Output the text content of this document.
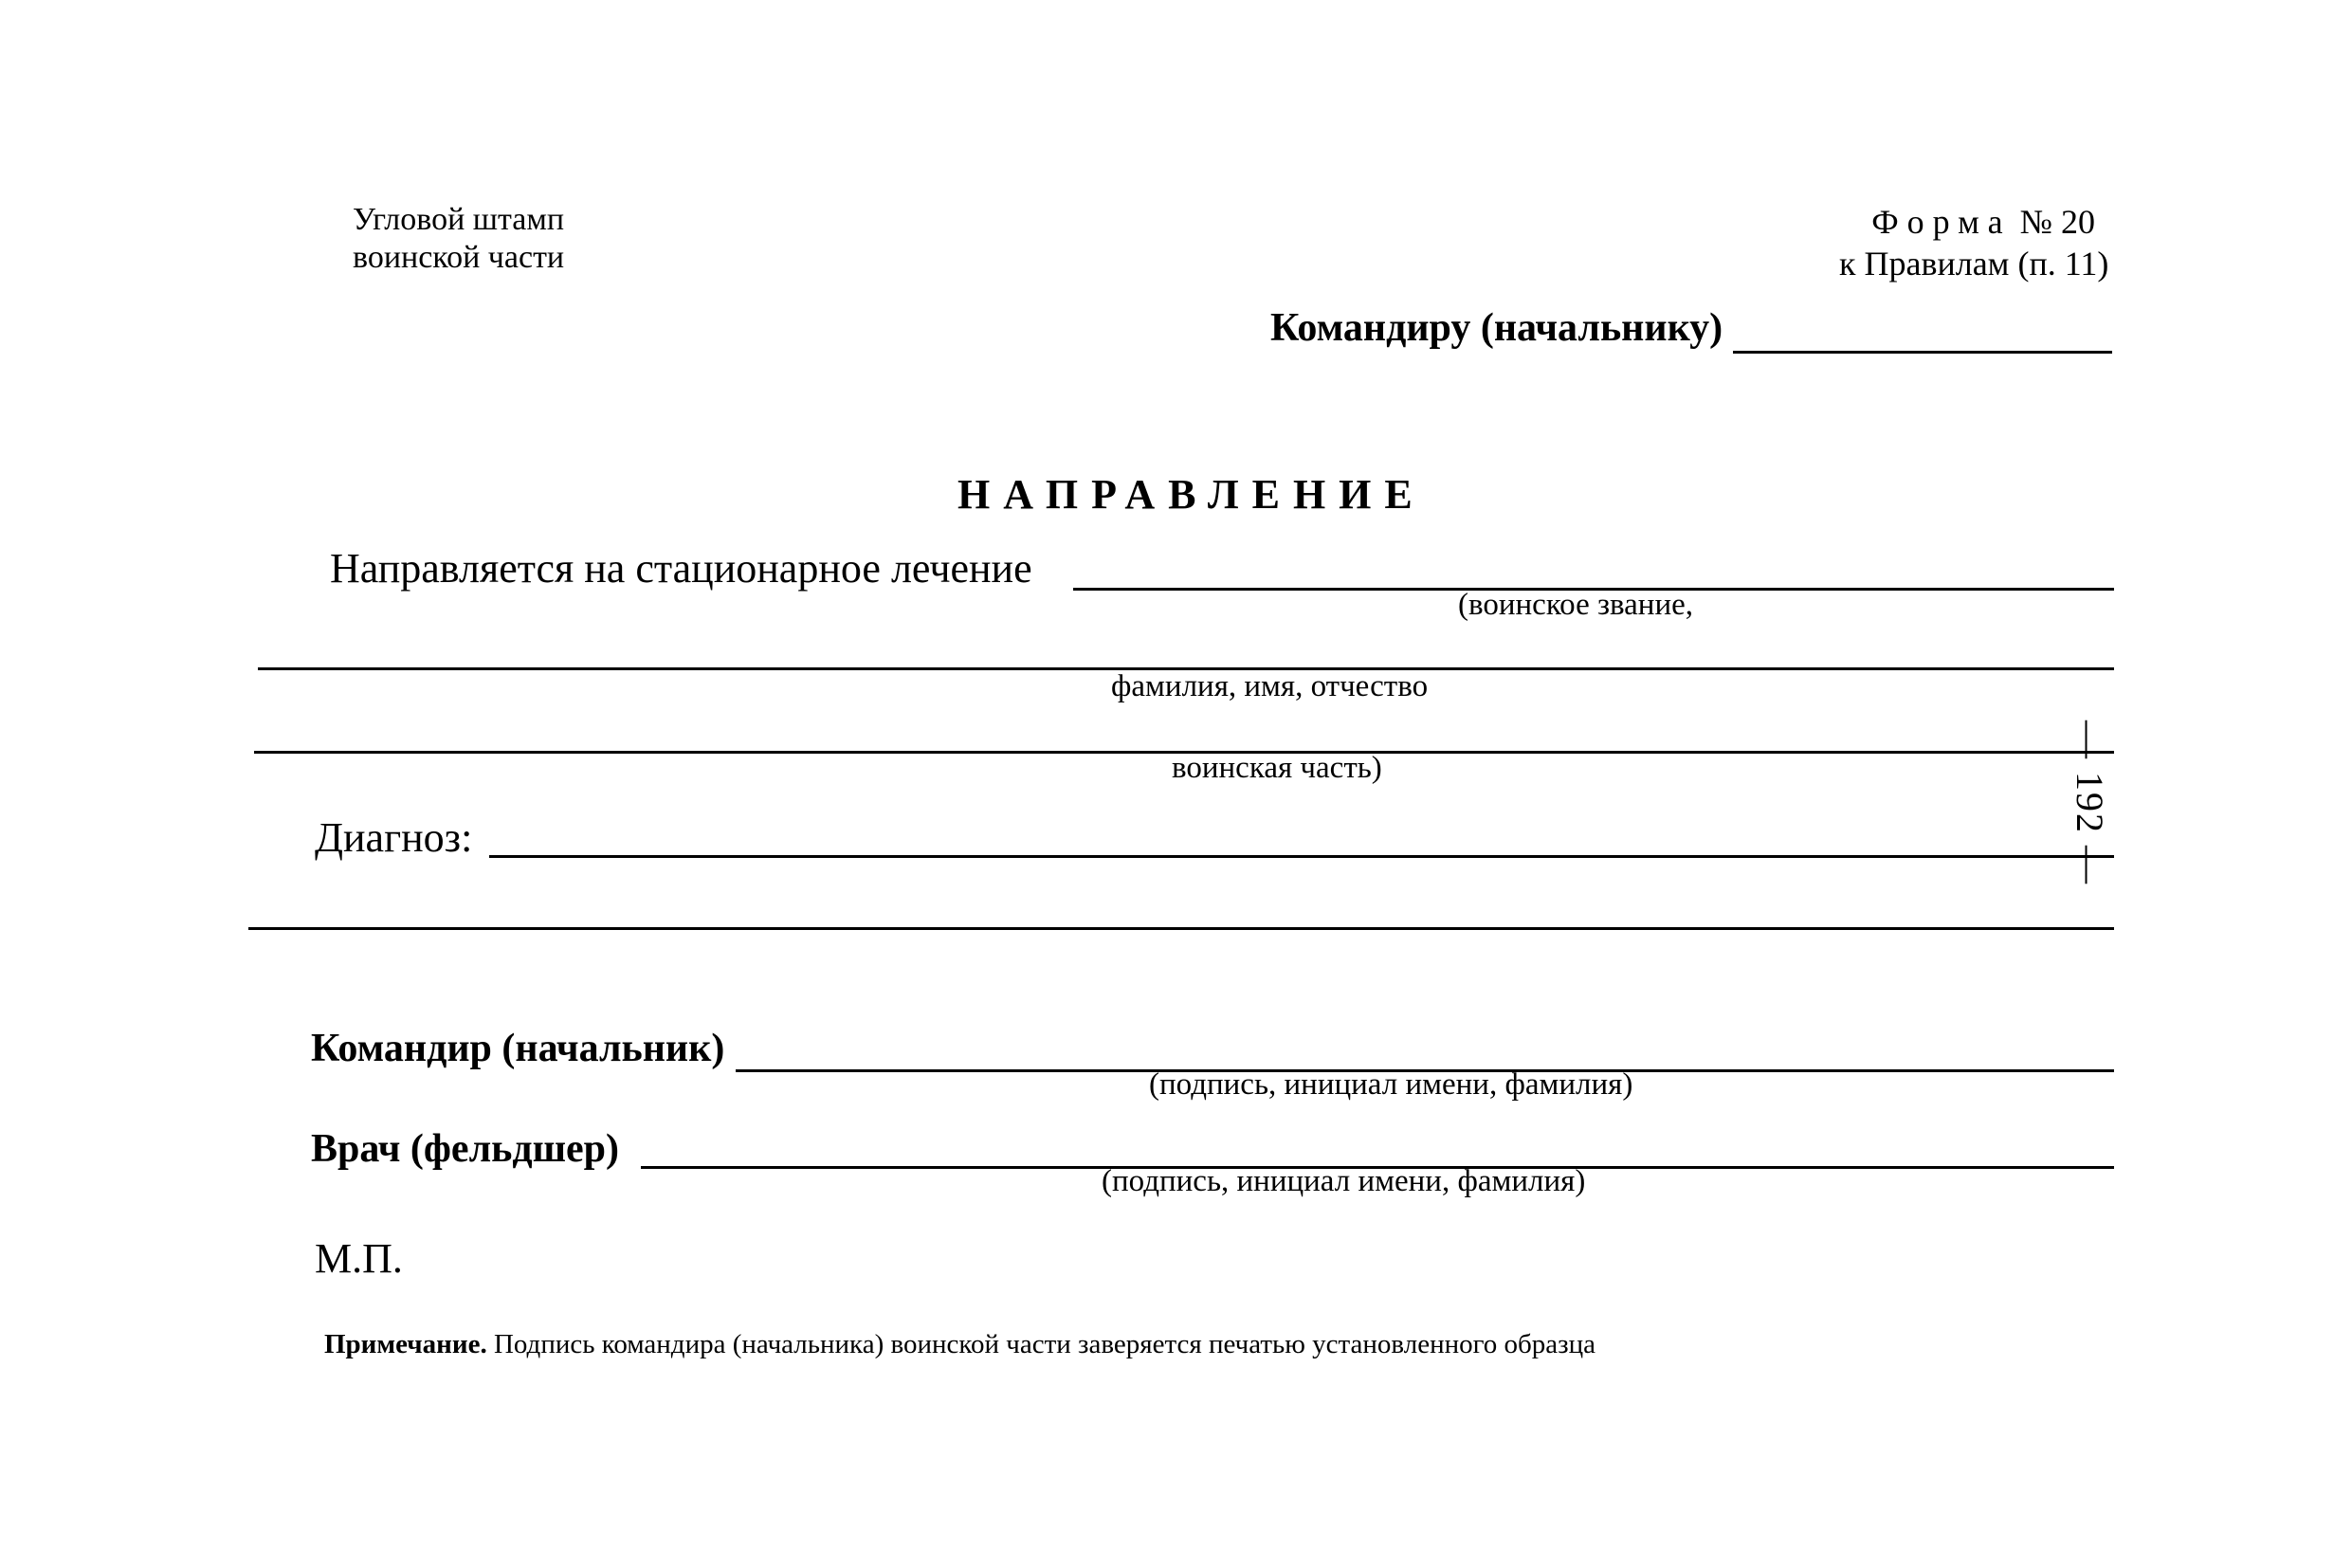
Угловой штамп
воинской части
Форма № 20
к Правилам (п. 11)
Командиру (начальнику)
НАПРАВЛЕНИЕ
Направляется на стационарное лечение
(воинское звание,
фамилия, имя, отчество
воинская часть)
Диагноз:
Командир (начальник)
(подпись, инициал имени, фамилия)
Врач (фельдшер)
(подпись, инициал имени, фамилия)
М.П.
Примечание. Подпись командира (начальника) воинской части заверяется печатью установленного образца
— 192 —
